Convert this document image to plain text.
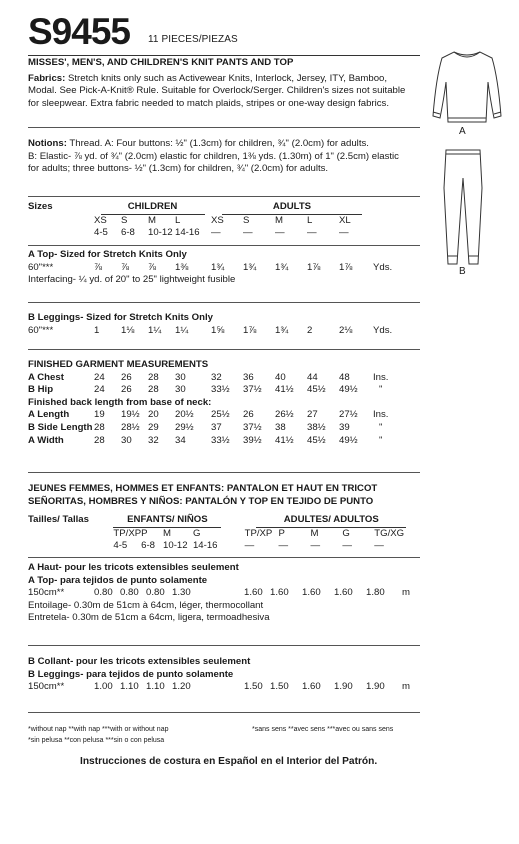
S9455 11 PIECES/PIEZAS
MISSES', MEN'S, AND CHILDREN'S KNIT PANTS AND TOP
Fabrics: Stretch knits only such as Activewear Knits, Interlock, Jersey, ITY, Bamboo,
Modal. See Pick-A-Knit® Rule. Suitable for Overlock/Serger. Children's sizes not suitable
for sleepwear. Extra fabric needed to match plaids, stripes or one-way design fabrics.
Notions: Thread. A: Four buttons: ½" (1.3cm) for children, ¾" (2.0cm) for adults.
B: Elastic- ⅞ yd. of ¾" (2.0cm) elastic for children, 1⅜ yds. (1.30m) of 1" (2.5cm) elastic
for adults; three buttons- ½" (1.3cm) for children, ¾" (2.0cm) for adults.
Sizes	CHILDREN				ADULTS					
	XS	S	M	L	XS	S	M	L	XL	
	4-5	6-8	10-12	14-16	—	—	—	—	—	
A Top- Sized for Stretch Knits Only
60"***	⅞	⅞	⅞	1⅜	1¾	1¾	1¾	1⅞	1⅞	Yds.
Interfacing- ¼ yd. of 20" to 25" lightweight fusible
B Leggings- Sized for Stretch Knits Only
60"***	1	1⅛	1¼	1¼	1⅝	1⅞	1¾	2	2⅛	Yds.
FINISHED GARMENT MEASUREMENTS										
A Chest	24	26	28	30	32	36	40	44	48	Ins.
B Hip	24	26	28	30	33½	37½	41½	45½	49½	"
Finished back length from base of neck:										
A Length	19	19½	20	20½	25½	26	26½	27	27½	Ins.
B Side Length	28	28½	29	29½	37	37½	38	38½	39	"
A Width	28	30	32	34	33½	39½	41½	45½	49½	"
JEUNES FEMMES, HOMMES ET ENFANTS: PANTALON ET HAUT EN TRICOT
SEÑORITAS, HOMBRES Y NIÑOS: PANTALÓN Y TOP EN TEJIDO DE PUNTO
Tailles/ Tallas	ENFANTS/ NIÑOS				ADULTES/ ADULTOS					
	TP/XP	P	M	G	TP/XP	P	M	G	TG/XG	
	4-5	6-8	10-12	14-16	—	—	—	—	—	
A Haut- pour les tricots extensibles seulement
A Top- para tejidos de punto solamente
150cm**	0.80	0.80	0.80	1.30	1.60	1.60	1.60	1.60	1.80	m
Entoilage- 0.30m de 51cm à 64cm, léger, thermocollant
Entretela- 0.30m de 51cm a 64cm, ligera, termoadhesiva
B Collant- pour les tricots extensibles seulement
B Leggings- para tejidos de punto solamente
150cm**	1.00	1.10	1.10	1.20	1.50	1.50	1.60	1.90	1.90	m
*without nap **with nap ***with or without nap	*sans sens **avec sens ***avec ou sans sens
*sin pelusa **con pelusa ***sin o con pelusa
Instrucciones de costura en Español en el Interior del Patrón.
A
B
